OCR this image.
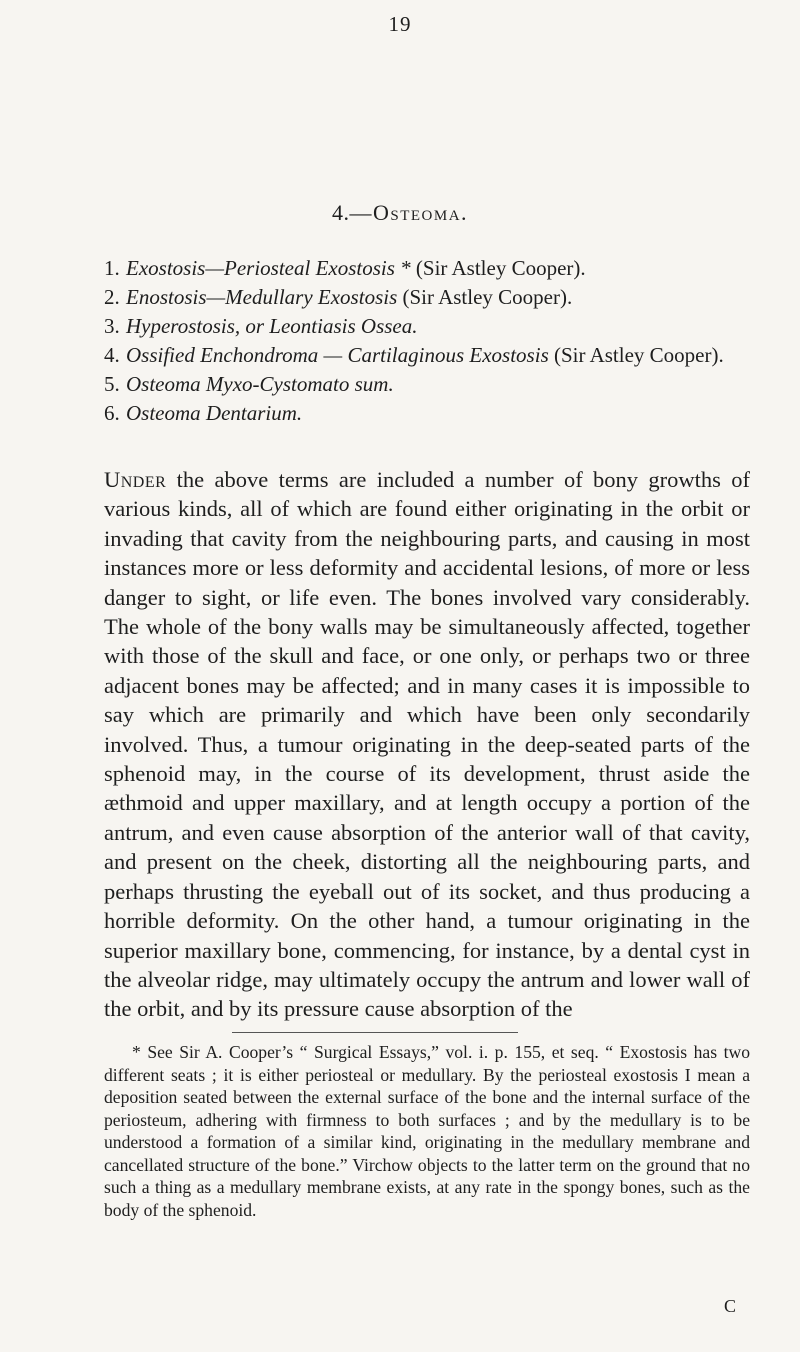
19
4.—Osteoma.
1. Exostosis—Periosteal Exostosis * (Sir Astley Cooper).
2. Enostosis—Medullary Exostosis (Sir Astley Cooper).
3. Hyperostosis, or Leontiasis Ossea.
4. Ossified Enchondroma — Cartilaginous Exostosis (Sir Astley Cooper).
5. Osteoma Myxo-Cystomato sum.
6. Osteoma Dentarium.

Under the above terms are included a number of bony growths of various kinds, all of which are found either originating in the orbit or invading that cavity from the neighbouring parts, and causing in most instances more or less deformity and accidental lesions, of more or less danger to sight, or life even. The bones involved vary considerably. The whole of the bony walls may be simultaneously affected, together with those of the skull and face, or one only, or perhaps two or three adjacent bones may be affected; and in many cases it is impossible to say which are primarily and which have been only secondarily involved. Thus, a tumour originating in the deep-seated parts of the sphenoid may, in the course of its development, thrust aside the æthmoid and upper maxillary, and at length occupy a portion of the antrum, and even cause absorption of the anterior wall of that cavity, and present on the cheek, distorting all the neighbouring parts, and perhaps thrusting the eyeball out of its socket, and thus producing a horrible deformity. On the other hand, a tumour originating in the superior maxillary bone, commencing, for instance, by a dental cyst in the alveolar ridge, may ultimately occupy the antrum and lower wall of the orbit, and by its pressure cause absorption of the

* See Sir A. Cooper’s “ Surgical Essays,” vol. i. p. 155, et seq. “ Exostosis has two different seats ; it is either periosteal or medullary. By the periosteal exostosis I mean a deposition seated between the external surface of the bone and the internal surface of the periosteum, adhering with firmness to both surfaces ; and by the medullary is to be understood a formation of a similar kind, originating in the medullary membrane and cancellated structure of the bone.” Virchow objects to the latter term on the ground that no such a thing as a medullary membrane exists, at any rate in the spongy bones, such as the body of the sphenoid.

C
